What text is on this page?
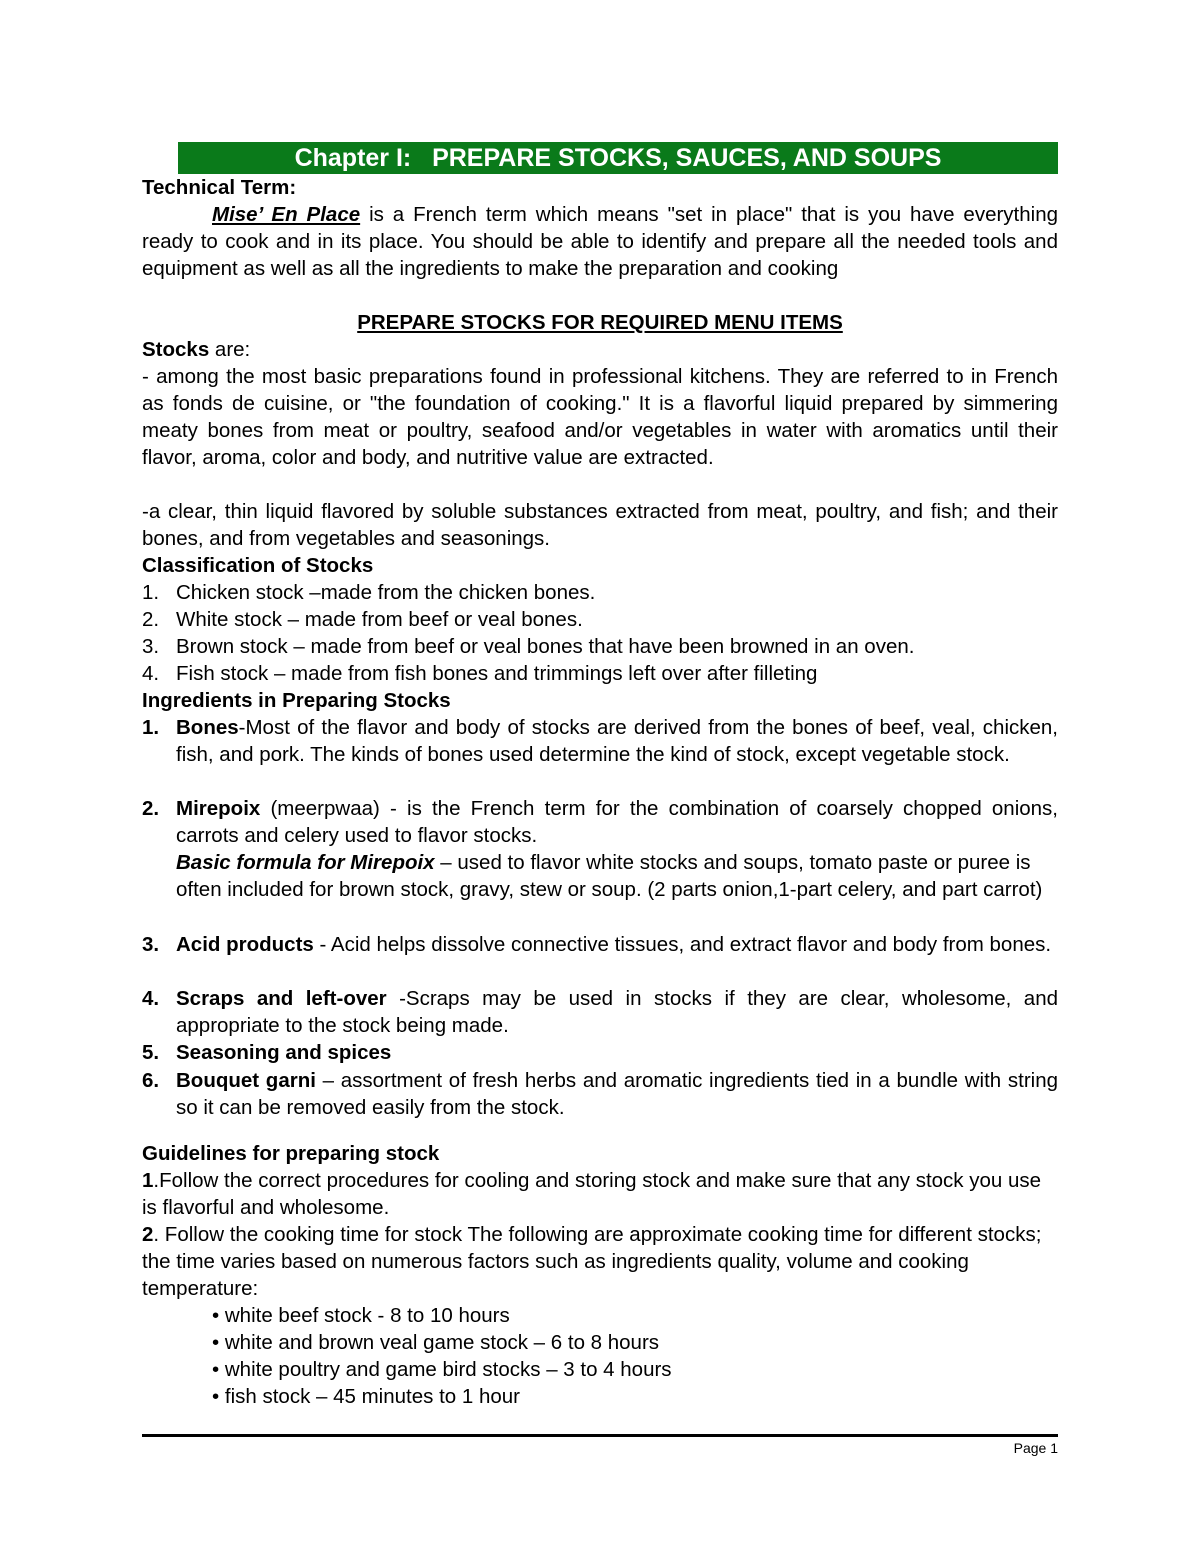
Chapter I:   PREPARE STOCKS, SAUCES, AND SOUPS
Technical Term:
Mise’ En Place is a French term which means "set in place" that is you have everything ready to cook and in its place. You should be able to identify and prepare all the needed tools and equipment as well as all the ingredients to make the preparation and cooking
PREPARE STOCKS FOR REQUIRED MENU ITEMS
Stocks are:
- among the most basic preparations found in professional kitchens. They are referred to in French as fonds de cuisine, or "the foundation of cooking." It is a flavorful liquid prepared by simmering meaty bones from meat or poultry, seafood and/or vegetables in water with aromatics until their flavor, aroma, color and body, and nutritive value are extracted.
-a clear, thin liquid flavored by soluble substances extracted from meat, poultry, and fish; and their bones, and from vegetables and seasonings.
Classification of Stocks
1. Chicken stock –made from the chicken bones.
2. White stock – made from beef or veal bones.
3. Brown stock – made from beef or veal bones that have been browned in an oven.
4. Fish stock – made from fish bones and trimmings left over after filleting
Ingredients in Preparing Stocks
1. Bones-Most of the flavor and body of stocks are derived from the bones of beef, veal, chicken, fish, and pork. The kinds of bones used determine the kind of stock, except vegetable stock.
2. Mirepoix (meerpwaa) - is the French term for the combination of coarsely chopped onions, carrots and celery used to flavor stocks.
Basic formula for Mirepoix – used to flavor white stocks and soups, tomato paste or puree is often included for brown stock, gravy, stew or soup. (2 parts onion,1-part celery, and part carrot)
3. Acid products - Acid helps dissolve connective tissues, and extract flavor and body from bones.
4. Scraps and left-over -Scraps may be used in stocks if they are clear, wholesome, and appropriate to the stock being made.
5. Seasoning and spices
6. Bouquet garni – assortment of fresh herbs and aromatic ingredients tied in a bundle with string so it can be removed easily from the stock.
Guidelines for preparing stock
1.Follow the correct procedures for cooling and storing stock and make sure that any stock you use is flavorful and wholesome.
2. Follow the cooking time for stock The following are approximate cooking time for different stocks; the time varies based on numerous factors such as ingredients quality, volume and cooking temperature:
• white beef stock - 8 to 10 hours
• white and brown veal game stock – 6 to 8 hours
• white poultry and game bird stocks – 3 to 4 hours
• fish stock – 45 minutes to 1 hour
Page 1
